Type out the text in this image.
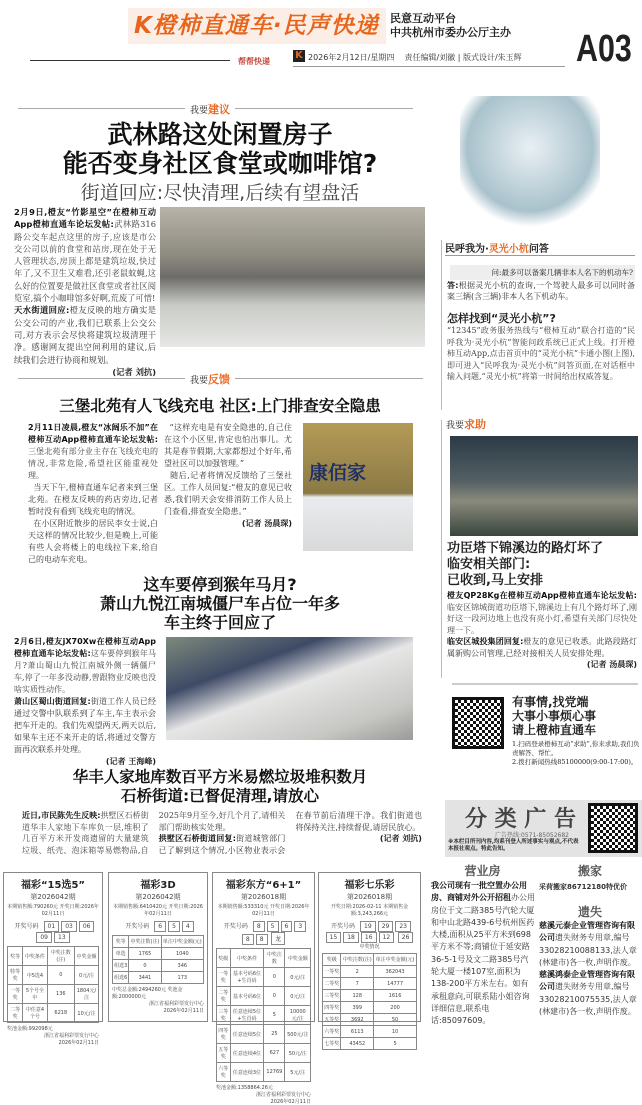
K橙柿直通车·民声快递	民意互动平台
中共杭州市委办公厅主办 A03
帮帮快递
K 2026年2月12日/星期四 责任编辑/刘徽 | 版式设计/朱玉辉
我要建议
武林路这处闲置房子
能否变身社区食堂或咖啡馆?
街道回应:尽快清理,后续有望盘活
2月9日,橙友“竹影星空”在橙柿互动App橙柿直通车论坛发帖:武林路316路公交车起点这里的房子,应该是市公交公司以前的食堂和站房,现在处于无人管理状态,房顶上都是建筑垃圾,快过年了,又不卫生又难看,还引老鼠蚊蝇,这么好的位置要是做社区食堂或者社区阅览室,搞个小咖啡馆多好啊,荒废了可惜!
天水街道回应:橙友反映的地方确实是公交公司的产业,我们已联系上公交公司,对方表示会尽快将建筑垃圾清理干净。感谢网友提出空间利用的建议,后续我们会进行协商和规划。
(记者 刘抗)
民呼我为·灵光小杭问答
问:最多可以备案几辆非本人名下的机动车?
答:根据灵光小杭的查询,一个驾驶人最多可以同时备案三辆(含三辆)非本人名下机动车。
怎样找到“灵光小杭”?
“12345”政务服务热线与“橙柿互动”联合打造的“民呼我为·灵光小杭”智能问政系统已正式上线。打开橙柿互动App,点击首页中的“灵光小杭”卡通小图(上图),即可进入“民呼我为·灵光小杭”问答页面,在对话框中输入问题,“灵光小杭”将第一时间给出权威答复。
我要反馈
三堡北苑有人飞线充电 社区:上门排查安全隐患
2月11日凌晨,橙友“冰阔乐不加”在橙柿互动App橙柿直通车论坛发帖:三堡北苑有部分业主存在飞线充电的情况,非常危险,希望社区能重视处理。
当天下午,橙柿直通车记者来到三堡北苑。在橙友反映的药店旁边,记者暂时没有看到飞线充电的情况。
在小区附近散步的居民李女士说,白天这样的情况比较少,但是晚上,可能有些人会将楼上的电线拉下来,给自己的电动车充电。
“这样充电是有安全隐患的,自己住在这个小区里,肯定也怕出事儿。尤其是春节假期,大家都想过个好年,希望社区可以加强管理。”
随后,记者将情况反馈给了三堡社区。工作人员回复:“橙友的意见已收悉,我们明天会安排消防工作人员上门查看,排查安全隐患。”
(记者 汤晨琛)
康佰家
这车要停到猴年马月?
萧山九悦江南城僵尸车占位一年多
车主终于回应了
2月6日,橙友jX70Xw在橙柿互动App橙柿直通车论坛发帖:这车要停到猴年马月?萧山蜀山九悦江南城外侧一辆僵尸车,停了一年多没动静,曾跟物业反映也没啥实质性动作。
萧山区蜀山街道回复:街道工作人员已经通过交警中队联系到了车主,车主表示会把车开走的。我们先观望两天,两天以后,如果车主还不来开走的话,将通过交警方面再次联系并处理。
(记者 王海峰)
华丰人家地库数百平方米易燃垃圾堆积数月
石桥街道:已督促清理,请放心
近日,市民陈先生反映:拱墅区石桥街道华丰人家地下车库负一层,堆积了几百平方米开发商遗留的大量建筑垃圾、纸壳、泡沫箱等易燃物品,自2025年9月至今,好几个月了,请相关部门帮助核实处理。
拱墅区石桥街道回复:街道城管部门已了解到这个情况,小区物业表示会在春节前后清理干净。我们街道也将保持关注,持续督促,请居民放心。
(记者 刘抗)
福彩“15选5”
第2026042期
本期销售额:790260元 开奖日期:2026年02月11日
开奖号码 01 03 0609 13
奖等	中奖条件	中奖注数(注)	中奖金额
特等奖	中5选4	0	0元/注
一等奖	5个号全中	136	1804元/注
二等奖	中任意4个号	6218	10元/注
奖池金额:992098元
浙江省福利彩票发行中心
2026年02月11日
福彩3D
第2026042期
本期销售额:6410420元 开奖日期:2026年02月11日
开奖号码 6 5 4
奖等	中奖注数(注)	单注中奖金额(元)
单选	1765	1040
组选3	0	346
组选6	3441	173
中奖总金额:2494260元 奖池金额:2000000元
浙江省福利彩票发行中心
2026年02月11日
福彩东方“6+1”
第2026018期
本期销售额:533310元 开奖日期:2026年02月11日
开奖号码 8 5 6 38 8 龙
奖级	中奖条件	中奖注数	中奖金额
一等奖	基本号码6位+生肖码	0	0元/注
二等奖	基本号码6位	0	0元/注
三等奖	任意连续5位+生肖码	5	10000元/注
四等奖	任意连续5位	25	500元/注
五等奖	任意连续4位	627	50元/注
六等奖	任意连续3位	12769	5元/注
奖池金额:1358864.26元
浙江省福利彩票发行中心
2026年02月11日
福彩七乐彩
第2026018期
开奖日期:2026-02-11 本期销售金额:3,243,266元
开奖号码 19 29 2315 18 16 12 26
中奖情况
奖级	中奖注数(注)	单注中奖金额(元)
一等奖	2	362043
二等奖	7	14777
三等奖	128	1616
四等奖	399	200
五等奖	3692	50
六等奖	6113	10
七等奖	43452	5
我要求助
功臣塔下锦溪边的路灯坏了
临安相关部门:
已收到,马上安排
橙友QP28Kg在橙柿互动App橙柿直通车论坛发帖:临安区锦城街道功臣塔下,锦溪边上有几个路灯坏了,刚好这一段河边地上也没有亮小灯,希望有关部门尽快处理一下。
临安区城投集团回复:橙友的意见已收悉。此路段路灯属新购公司管理,已经对接相关人员安排处理。
(记者 汤晨琛)
有事情,找党端
大事小事烦心事
请上橙柿直通车
1.扫码登录橙柿互动“求助”,你来求助,我们负责解答、帮忙。
2.拨打新闻热线85100000(9:00-17:00)。
分 类 广 告
广告热线:0571-85052682
※本栏目所刊内容,均系刊登人所述事实与观点,不代表本报社观点。特此告知。
营业房
我公司现有一批空置办公用房、商铺对外公开招租办公用房位于文二路385号汽轮大厦和中山北路439-6号杭州医药大楼,面积从25平方米到698平方米不等;商铺位于延安路36-5-1号及文二路385号汽轮大厦一楼107室,面积为138-200平方米左右。如有承租意向,可联系陆小姐咨询详细信息,联系电话:85097609。
搬家
采荷搬家86712180特优价
遗失
慈溪元泰企业管理咨询有限公司遗失财务专用章,编号33028210088133,法人章(林建市)各一枚,声明作废。
慈溪鸿泰企业管理咨询有限公司遗失财务专用章,编号33028210075535,法人章(林建市)各一枚,声明作废。
